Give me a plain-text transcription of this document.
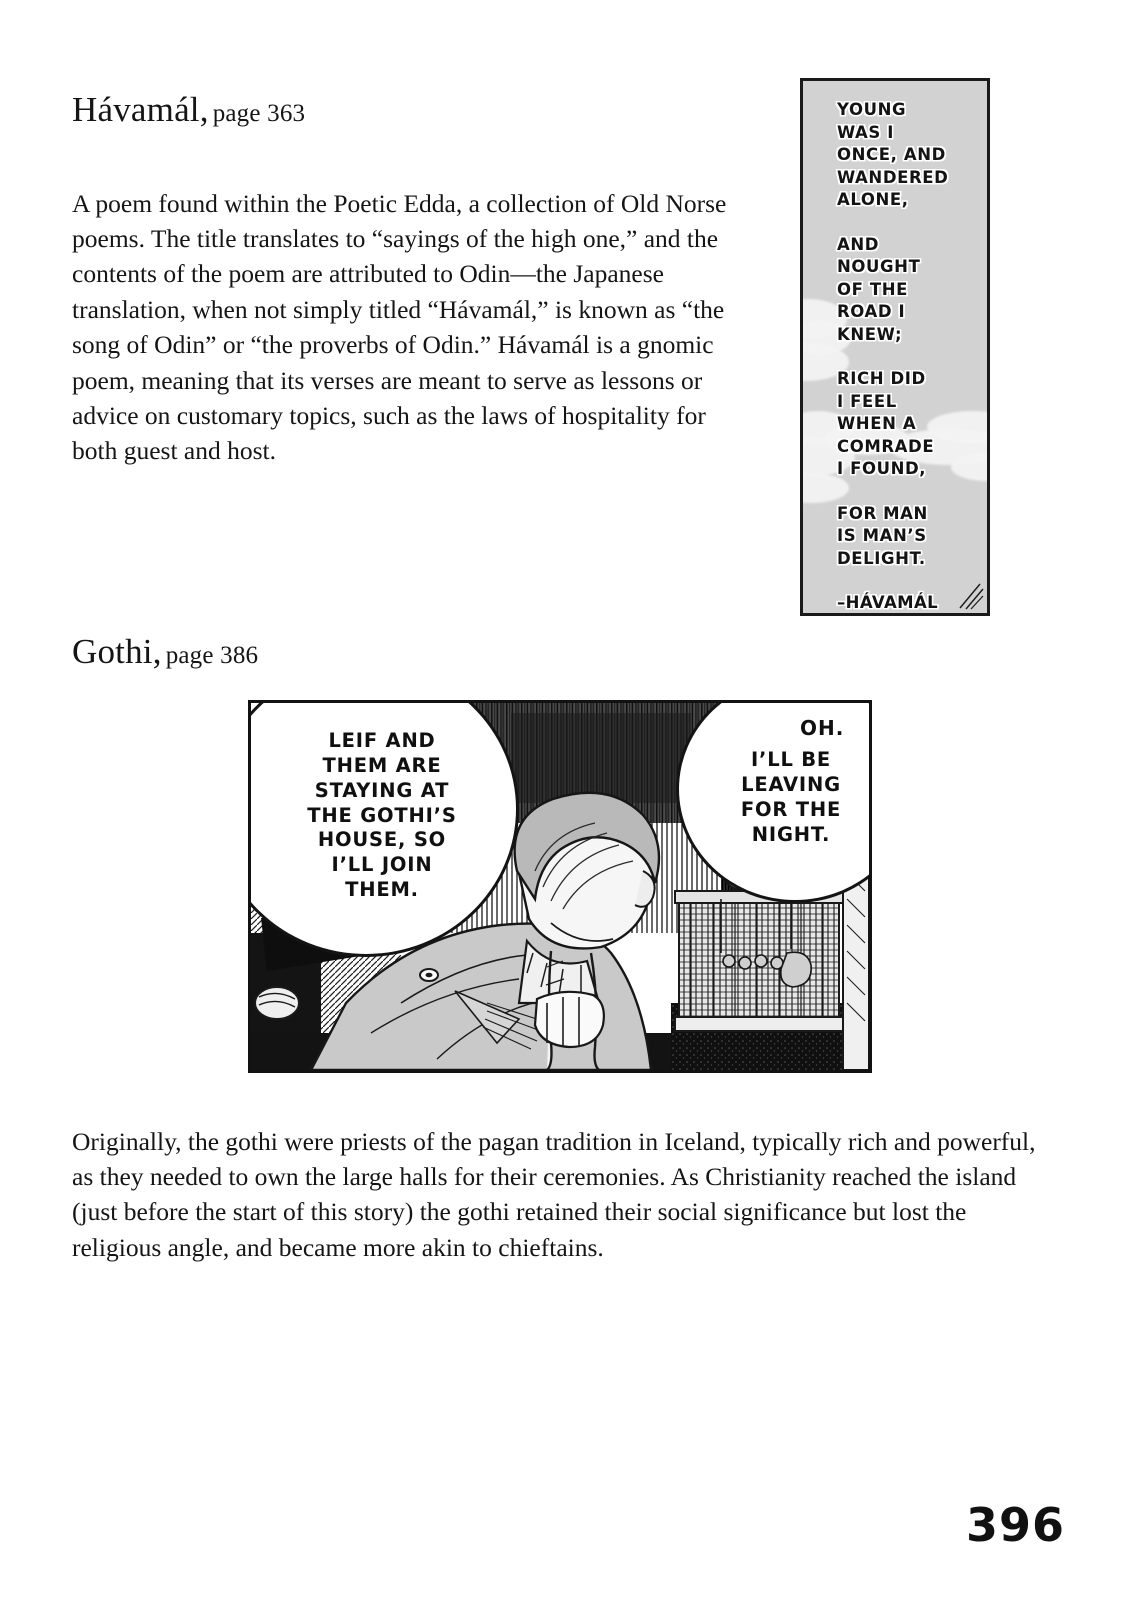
Hávamál, page 363

A poem found within the Poetic Edda, a collection of Old Norse poems. The title translates to “sayings of the high one,” and the contents of the poem are attributed to Odin—the Japanese translation, when not simply titled “Hávamál,” is known as “the song of Odin” or “the proverbs of Odin.” Hávamál is a gnomic poem, meaning that its verses are meant to serve as lessons or advice on customary topics, such as the laws of hospitality for both guest and host.

YOUNG
WAS I
ONCE, AND
WANDERED
ALONE,
AND
NOUGHT
OF THE
ROAD I
KNEW;
RICH DID
I FEEL
WHEN A
COMRADE
I FOUND,
FOR MAN
IS MAN’S
DELIGHT.
–HÁVAMÁL
Gothi, page 386
LEIF AND
THEM ARE
STAYING AT
THE GOTHI’S
HOUSE, SO
I’LL JOIN
THEM.
I’LL BE
LEAVING
FOR THE
NIGHT.
OH.

Originally, the gothi were priests of the pagan tradition in Iceland, typically rich and powerful, as they needed to own the large halls for their ceremonies. As Christianity reached the island (just before the start of this story) the gothi retained their social significance but lost the religious angle, and became more akin to chieftains.

396
